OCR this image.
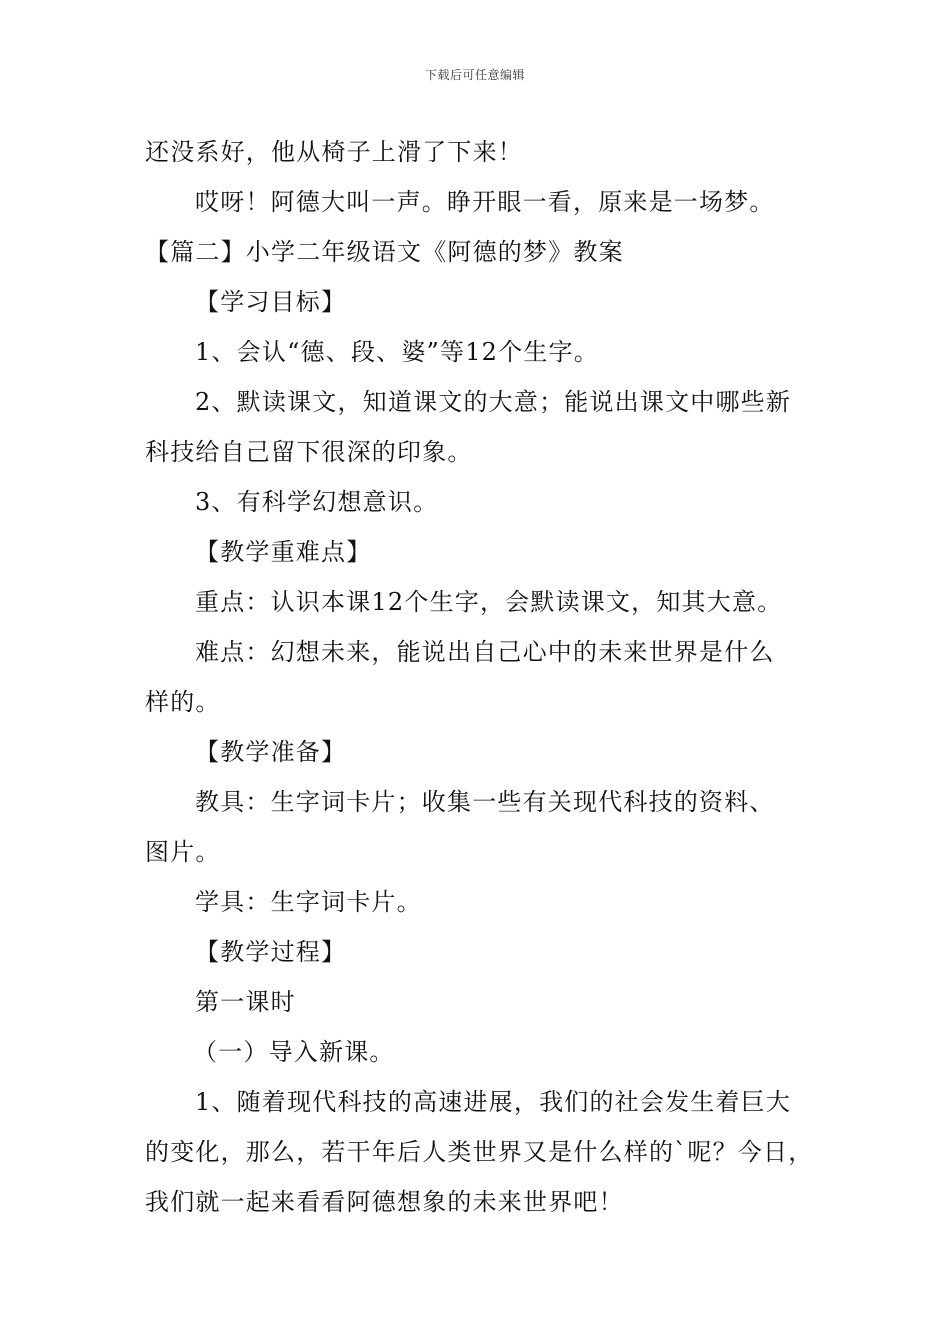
下载后可任意编辑

还没系好，他从椅子上滑了下来！

哎呀！阿德大叫一声。睁开眼一看，原来是一场梦。

【篇二】小学二年级语文《阿德的梦》教案

【学习目标】

1、会认“德、段、婆”等12个生字。

2、默读课文，知道课文的大意；能说出课文中哪些新

科技给自己留下很深的印象。

3、有科学幻想意识。

【教学重难点】

重点：认识本课12个生字，会默读课文，知其大意。

难点：幻想未来，能说出自己心中的未来世界是什么

样的。

【教学准备】

教具：生字词卡片；收集一些有关现代科技的资料、

图片。

学具：生字词卡片。

【教学过程】

第一课时

（一）导入新课。

1、随着现代科技的高速进展，我们的社会发生着巨大

的变化，那么，若干年后人类世界又是什么样的`呢？今日，

我们就一起来看看阿德想象的未来世界吧！
